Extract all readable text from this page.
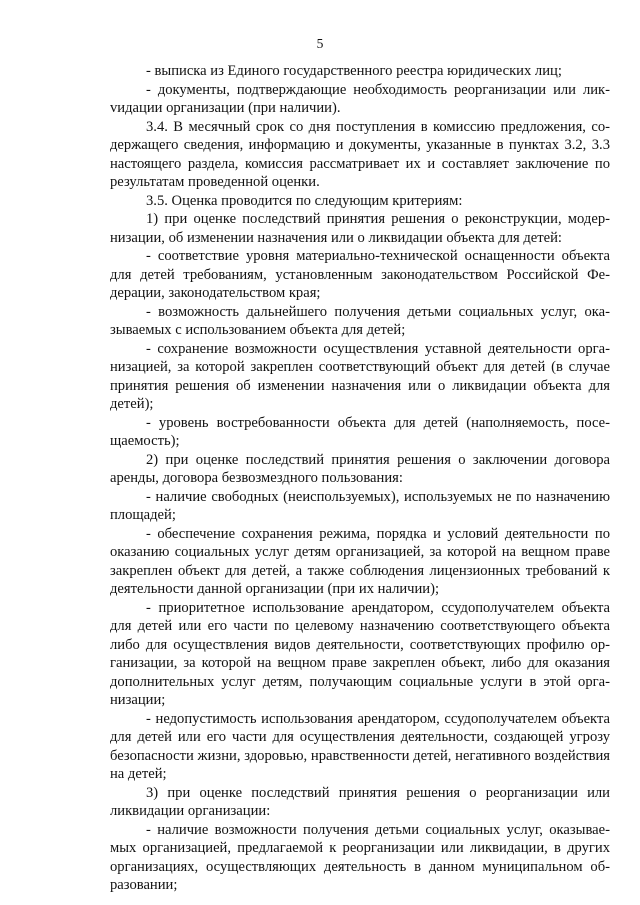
5

- выписка из Единого государственного реестра юридических лиц;

- документы, подтверждающие необходимость реорганизации или ликvидации организации (при наличии).

3.4. В месячный срок со дня поступления в комиссию предложения, содержащего сведения, информацию и документы, указанные в пунктах 3.2, 3.3 настоящего раздела, комиссия рассматривает их и составляет заключение по результатам проведенной оценки.

3.5. Оценка проводится по следующим критериям:

1) при оценке последствий принятия решения о реконструкции, модернизации, об изменении назначения или о ликвидации объекта для детей:

- соответствие уровня материально-технической оснащенности объекта для детей требованиям, установленным законодательством Российской Федерации, законодательством края;

- возможность дальнейшего получения детьми социальных услуг, оказываемых с использованием объекта для детей;

- сохранение возможности осуществления уставной деятельности организацией, за которой закреплен соответствующий объект для детей (в случае принятия решения об изменении назначения или о ликвидации объекта для детей);

- уровень востребованности объекта для детей (наполняемость, посещаемость);

2) при оценке последствий принятия решения о заключении договора аренды, договора безвозмездного пользования:

- наличие свободных (неиспользуемых), используемых не по назначению площадей;

- обеспечение сохранения режима, порядка и условий деятельности по оказанию социальных услуг детям организацией, за которой на вещном праве закреплен объект для детей, а также соблюдения лицензионных требований к деятельности данной организации (при их наличии);

- приоритетное использование арендатором, ссудополучателем объекта для детей или его части по целевому назначению соответствующего объекта либо для осуществления видов деятельности, соответствующих профилю организации, за которой на вещном праве закреплен объект, либо для оказания дополнительных услуг детям, получающим социальные услуги в этой организации;

- недопустимость использования арендатором, ссудополучателем объекта для детей или его части для осуществления деятельности, создающей угрозу безопасности жизни, здоровью, нравственности детей, негативного воздействия на детей;

3) при оценке последствий принятия решения о реорганизации или ликвидации организации:

- наличие возможности получения детьми социальных услуг, оказываемых организацией, предлагаемой к реорганизации или ликвидации, в других организациях, осуществляющих деятельность в данном муниципальном образовании;
